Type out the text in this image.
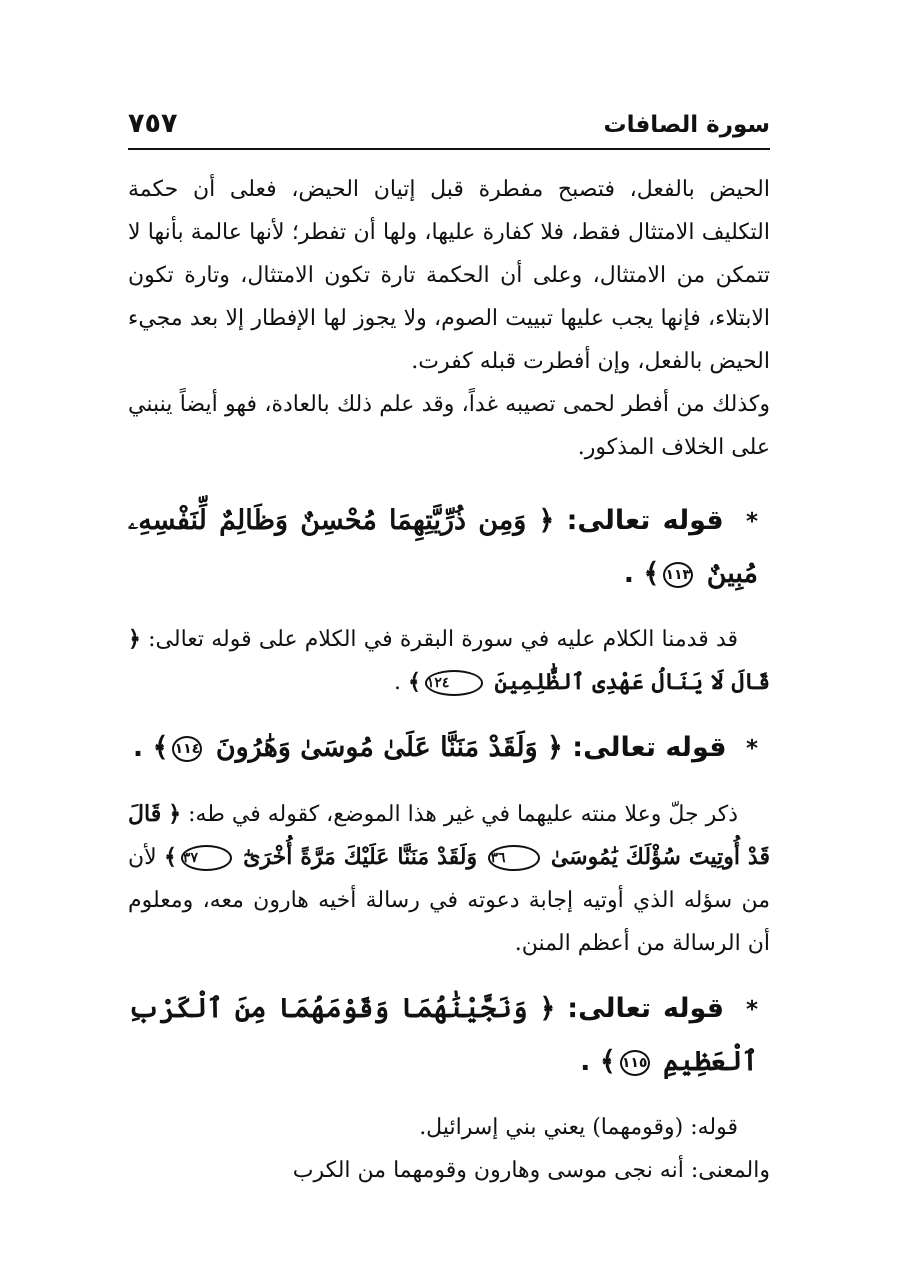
سورة الصافات
٧٥٧

الحيض بالفعل، فتصبح مفطرة قبل إتيان الحيض، فعلى أن حكمة التكليف الامتثال فقط، فلا كفارة عليها، ولها أن تفطر؛ لأنها عالمة بأنها لا تتمكن من الامتثال، وعلى أن الحكمة تارة تكون الامتثال، وتارة تكون الابتلاء، فإنها يجب عليها تبييت الصوم، ولا يجوز لها الإفطار إلا بعد مجيء الحيض بالفعل، وإن أفطرت قبله كفرت.

وكذلك من أفطر لحمى تصيبه غداً، وقد علم ذلك بالعادة، فهو أيضاً ينبني على الخلاف المذكور.

* قوله تعالى: ﴿ وَمِن ذُرِّيَّتِهِمَا مُحْسِنٌ وَظَالِمٌ لِّنَفْسِهِۦ مُبِينٌ ١١٣﴾ .

قد قدمنا الكلام عليه في سورة البقرة في الكلام على قوله تعالى: ﴿ قَالَ لَا يَنَالُ عَهْدِى ٱلظَّٰلِمِينَ ١٢٤﴾ .

* قوله تعالى: ﴿ وَلَقَدْ مَنَنَّا عَلَىٰ مُوسَىٰ وَهَٰرُونَ ١١٤﴾ .

ذكر جلّ وعلا منته عليهما في غير هذا الموضع، كقوله في طه: ﴿ قَالَ قَدْ أُوتِيتَ سُؤْلَكَ يَٰمُوسَىٰ ٣٦ وَلَقَدْ مَنَنَّا عَلَيْكَ مَرَّةً أُخْرَىٰٓ ٣٧﴾ لأن من سؤله الذي أوتيه إجابة دعوته في رسالة أخيه هارون معه، ومعلوم أن الرسالة من أعظم المنن.

* قوله تعالى: ﴿ وَنَجَّيْنَٰهُمَا وَقَوْمَهُمَا مِنَ ٱلْكَرْبِ ٱلْعَظِيمِ ١١٥﴾ .

قوله: (وقومهما) يعني بني إسرائيل.

والمعنى: أنه نجى موسى وهارون وقومهما من الكرب
